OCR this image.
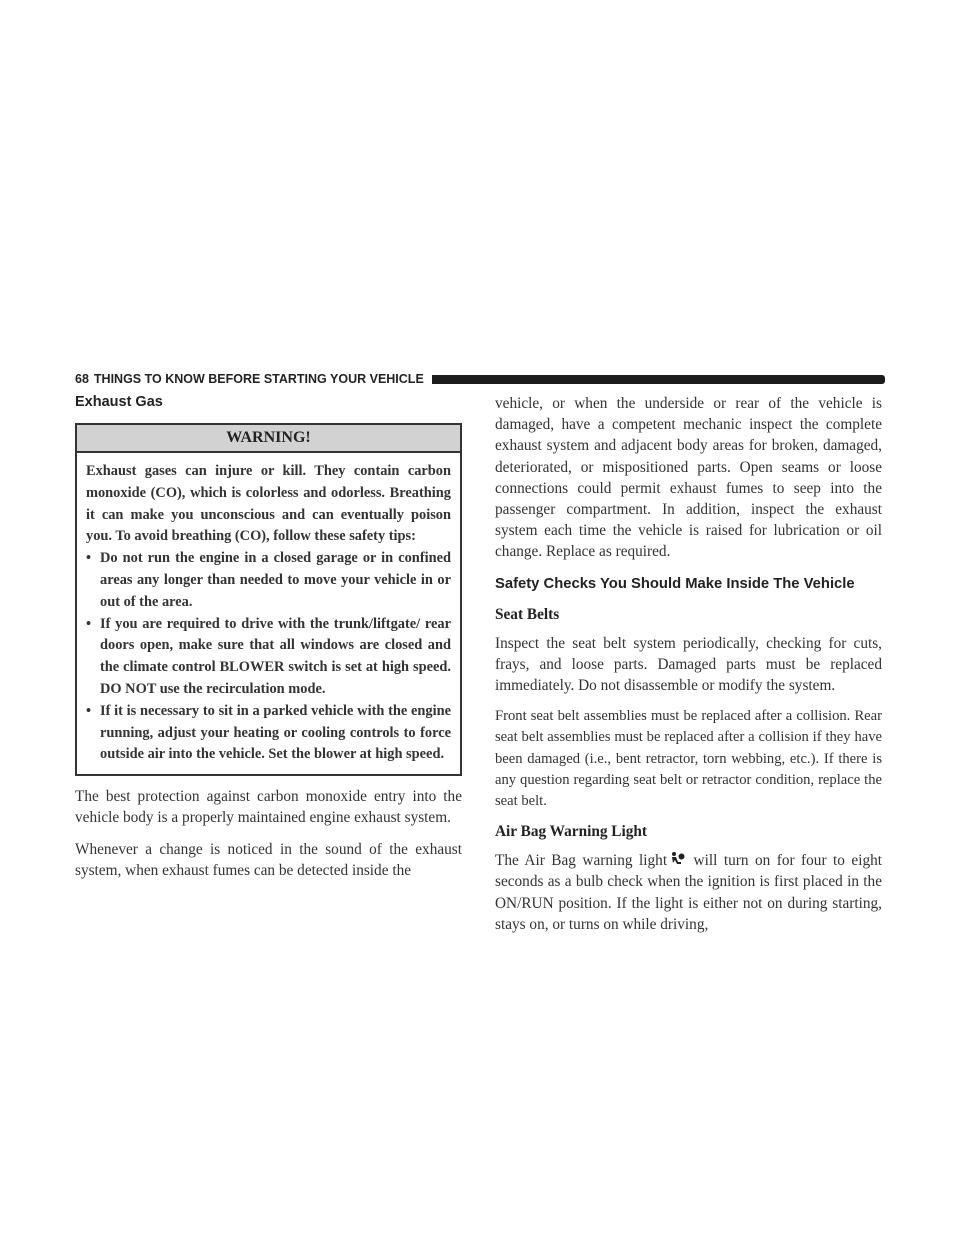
68 THINGS TO KNOW BEFORE STARTING YOUR VEHICLE
Exhaust Gas
WARNING!

Exhaust gases can injure or kill. They contain carbon monoxide (CO), which is colorless and odorless. Breathing it can make you unconscious and can eventually poison you. To avoid breathing (CO), follow these safety tips:

• Do not run the engine in a closed garage or in confined areas any longer than needed to move your vehicle in or out of the area.
• If you are required to drive with the trunk/liftgate/ rear doors open, make sure that all windows are closed and the climate control BLOWER switch is set at high speed. DO NOT use the recirculation mode.
• If it is necessary to sit in a parked vehicle with the engine running, adjust your heating or cooling controls to force outside air into the vehicle. Set the blower at high speed.

The best protection against carbon monoxide entry into the vehicle body is a properly maintained engine exhaust system.

Whenever a change is noticed in the sound of the exhaust system, when exhaust fumes can be detected inside the

vehicle, or when the underside or rear of the vehicle is damaged, have a competent mechanic inspect the complete exhaust system and adjacent body areas for broken, damaged, deteriorated, or mispositioned parts. Open seams or loose connections could permit exhaust fumes to seep into the passenger compartment. In addition, inspect the exhaust system each time the vehicle is raised for lubrication or oil change. Replace as required.

Safety Checks You Should Make Inside The Vehicle
Seat Belts

Inspect the seat belt system periodically, checking for cuts, frays, and loose parts. Damaged parts must be replaced immediately. Do not disassemble or modify the system.

Front seat belt assemblies must be replaced after a collision. Rear seat belt assemblies must be replaced after a collision if they have been damaged (i.e., bent retractor, torn webbing, etc.). If there is any question regarding seat belt or retractor condition, replace the seat belt.

Air Bag Warning Light

The Air Bag warning light will turn on for four to eight seconds as a bulb check when the ignition is first placed in the ON/RUN position. If the light is either not on during starting, stays on, or turns on while driving,
